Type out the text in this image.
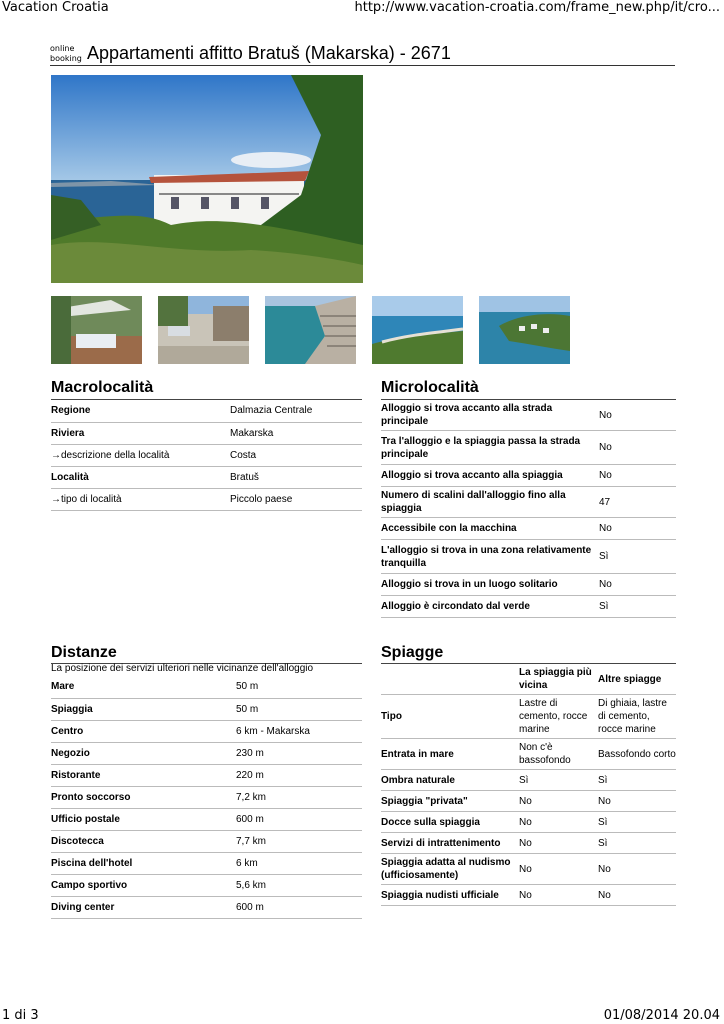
Vacation Croatia	http://www.vacation-croatia.com/frame_new.php/it/cro...
1 di 3	01/08/2014 20.04
online
booking Appartamenti affitto Bratuš (Makarska) - 2671
Macrolocalità
Regione	Dalmazia Centrale
Riviera	Makarska
→descrizione della località	Costa
Località	Bratuš
→tipo di località	Piccolo paese
Microlocalità
Alloggio si trova accanto alla strada principale	No
Tra l'alloggio e la spiaggia passa la strada principale	No
Alloggio si trova accanto alla spiaggia	No
Numero di scalini dall'alloggio fino alla spiaggia	47
Accessibile con la macchina	No
L'alloggio si trova in una zona relativamente tranquilla	Sì
Alloggio si trova in un luogo solitario	No
Alloggio è circondato dal verde	Sì
Distanze
La posizione dei servizi ulteriori nelle vicinanze dell'alloggio
Mare	50 m
Spiaggia	50 m
Centro	6 km - Makarska
Negozio	230 m
Ristorante	220 m
Pronto soccorso	7,2 km
Ufficio postale	600 m
Discotecca	7,7 km
Piscina dell'hotel	6 km
Campo sportivo	5,6 km
Diving center	600 m
Spiagge
	La spiaggia più vicina	Altre spiagge
Tipo	Lastre di cemento, rocce marine	Di ghiaia, lastre di cemento, rocce marine
Entrata in mare	Non c'è bassofondo	Bassofondo corto
Ombra naturale	Sì	Sì
Spiaggia "privata"	No	No
Docce sulla spiaggia	No	Sì
Servizi di intrattenimento	No	Sì
Spiaggia adatta al nudismo (ufficiosamente)	No	No
Spiaggia nudisti ufficiale	No	No
